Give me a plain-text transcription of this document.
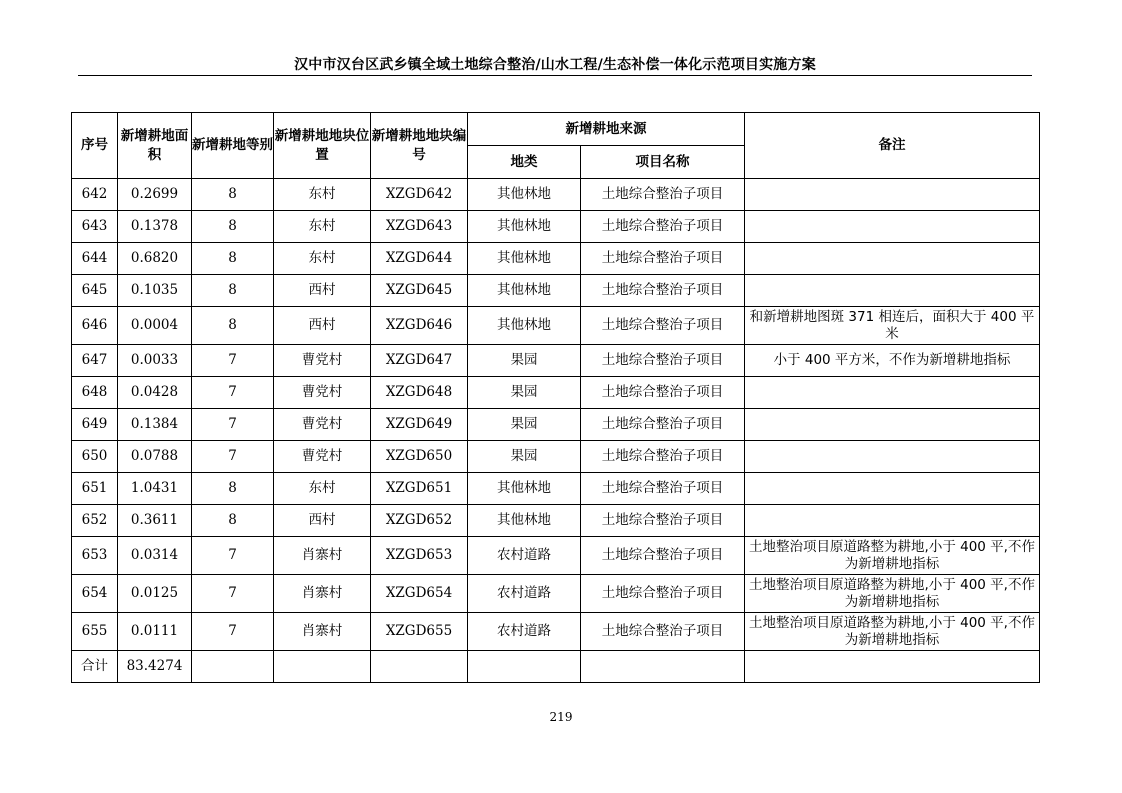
汉中市汉台区武乡镇全域土地综合整治/山水工程/生态补偿一体化示范项目实施方案
序号	新增耕地面积	新增耕地等别	新增耕地地块位置	新增耕地地块编号	新增耕地来源		备注
					地类	项目名称	
642	0.2699	8	东村	XZGD642	其他林地	土地综合整治子项目	
643	0.1378	8	东村	XZGD643	其他林地	土地综合整治子项目	
644	0.6820	8	东村	XZGD644	其他林地	土地综合整治子项目	
645	0.1035	8	西村	XZGD645	其他林地	土地综合整治子项目	
646	0.0004	8	西村	XZGD646	其他林地	土地综合整治子项目	和新增耕地图斑 371 相连后，面积大于 400 平米
647	0.0033	7	曹党村	XZGD647	果园	土地综合整治子项目	小于 400 平方米，不作为新增耕地指标
648	0.0428	7	曹党村	XZGD648	果园	土地综合整治子项目	
649	0.1384	7	曹党村	XZGD649	果园	土地综合整治子项目	
650	0.0788	7	曹党村	XZGD650	果园	土地综合整治子项目	
651	1.0431	8	东村	XZGD651	其他林地	土地综合整治子项目	
652	0.3611	8	西村	XZGD652	其他林地	土地综合整治子项目	
653	0.0314	7	肖寨村	XZGD653	农村道路	土地综合整治子项目	土地整治项目原道路整为耕地,小于 400 平,不作为新增耕地指标
654	0.0125	7	肖寨村	XZGD654	农村道路	土地综合整治子项目	土地整治项目原道路整为耕地,小于 400 平,不作为新增耕地指标
655	0.0111	7	肖寨村	XZGD655	农村道路	土地综合整治子项目	土地整治项目原道路整为耕地,小于 400 平,不作为新增耕地指标
合计	83.4274						
219
